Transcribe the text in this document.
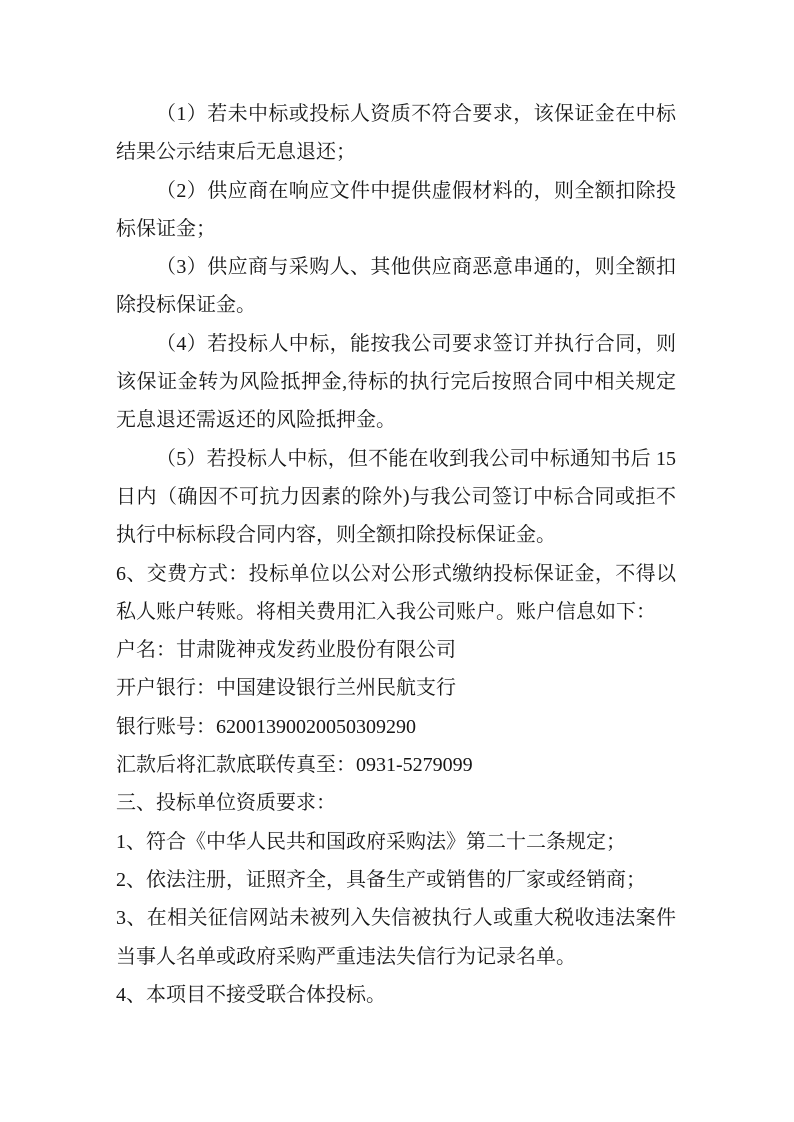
（1）若未中标或投标人资质不符合要求，该保证金在中标结果公示结束后无息退还；

（2）供应商在响应文件中提供虚假材料的，则全额扣除投标保证金；

（3）供应商与采购人、其他供应商恶意串通的，则全额扣除投标保证金。

（4）若投标人中标，能按我公司要求签订并执行合同，则该保证金转为风险抵押金,待标的执行完后按照合同中相关规定无息退还需返还的风险抵押金。

（5）若投标人中标，但不能在收到我公司中标通知书后 15 日内（确因不可抗力因素的除外)与我公司签订中标合同或拒不执行中标标段合同内容，则全额扣除投标保证金。

6、交费方式：投标单位以公对公形式缴纳投标保证金，不得以私人账户转账。将相关费用汇入我公司账户。账户信息如下：

户名：甘肃陇神戎发药业股份有限公司

开户银行：中国建设银行兰州民航支行

银行账号：62001390020050309290

汇款后将汇款底联传真至：0931-5279099

三、投标单位资质要求：

1、符合《中华人民共和国政府采购法》第二十二条规定；

2、依法注册，证照齐全，具备生产或销售的厂家或经销商；

3、在相关征信网站未被列入失信被执行人或重大税收违法案件当事人名单或政府采购严重违法失信行为记录名单。

4、本项目不接受联合体投标。
